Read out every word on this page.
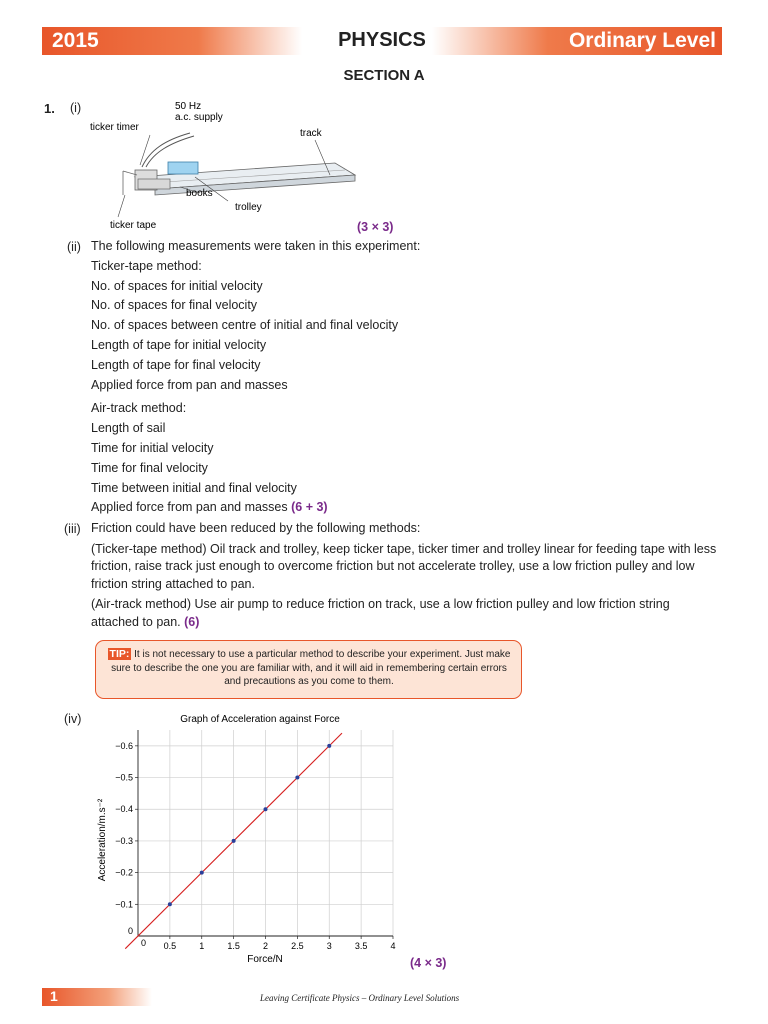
2015	Ordinary Level
PHYSICS
SECTION A
1. (i)	50 Hz
a.c. supply
ticker timer
track
books
trolley
ticker tape	(3 × 3)
(ii) The following measurements were taken in this experiment:
Ticker-tape method:
No. of spaces for initial velocity
No. of spaces for final velocity
No. of spaces between centre of initial and final velocity
Length of tape for initial velocity
Length of tape for final velocity
Applied force from pan and masses
Air-track method:
Length of sail
Time for initial velocity
Time for final velocity
Time between initial and final velocity
Applied force from pan and masses (6 + 3)
(iii) Friction could have been reduced by the following methods:
(Ticker-tape method) Oil track and trolley, keep ticker tape, ticker timer and trolley linear for feeding tape with less friction, raise track just enough to overcome friction but not accelerate trolley, use a low friction pulley and low friction string attached to pan.
(Air-track method) Use air pump to reduce friction on track, use a low friction pulley and low friction string attached to pan. (6)
TIP: It is not necessary to use a particular method to describe your experiment. Just make sure to describe the one you are familiar with, and it will aid in remembering certain errors and precautions as you come to them.
(iv)	Graph of Acceleration against Force
0.5	1	1.5	2	2.5	3	3.5	4
−0.1
−0.2
−0.3
−0.4
−0.5
−0.6
0
0
Force/N
Acceleration/m.s⁻²
(4 × 3)
1	Leaving Certificate Physics – Ordinary Level Solutions
